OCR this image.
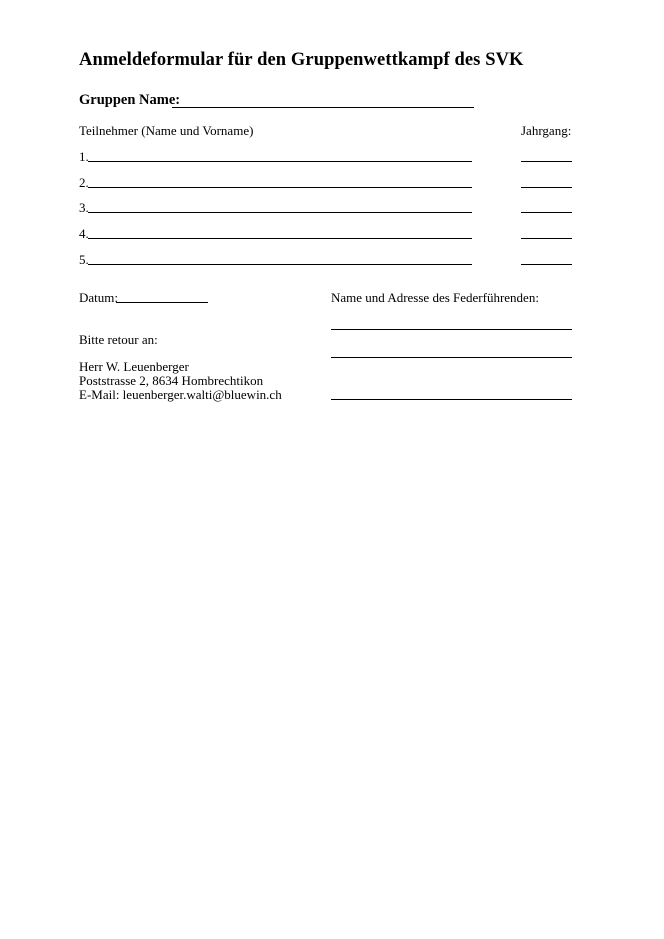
Anmeldeformular für den Gruppenwettkampf des SVK
Gruppen Name:
Teilnehmer (Name und Vorname)	Jahrgang:
1.
2.
3.
4.
5.
Datum:	Name und Adresse des Federführenden:
Bitte retour an:
Herr W. Leuenberger
Poststrasse 2, 8634 Hombrechtikon
E-Mail: leuenberger.walti@bluewin.ch
